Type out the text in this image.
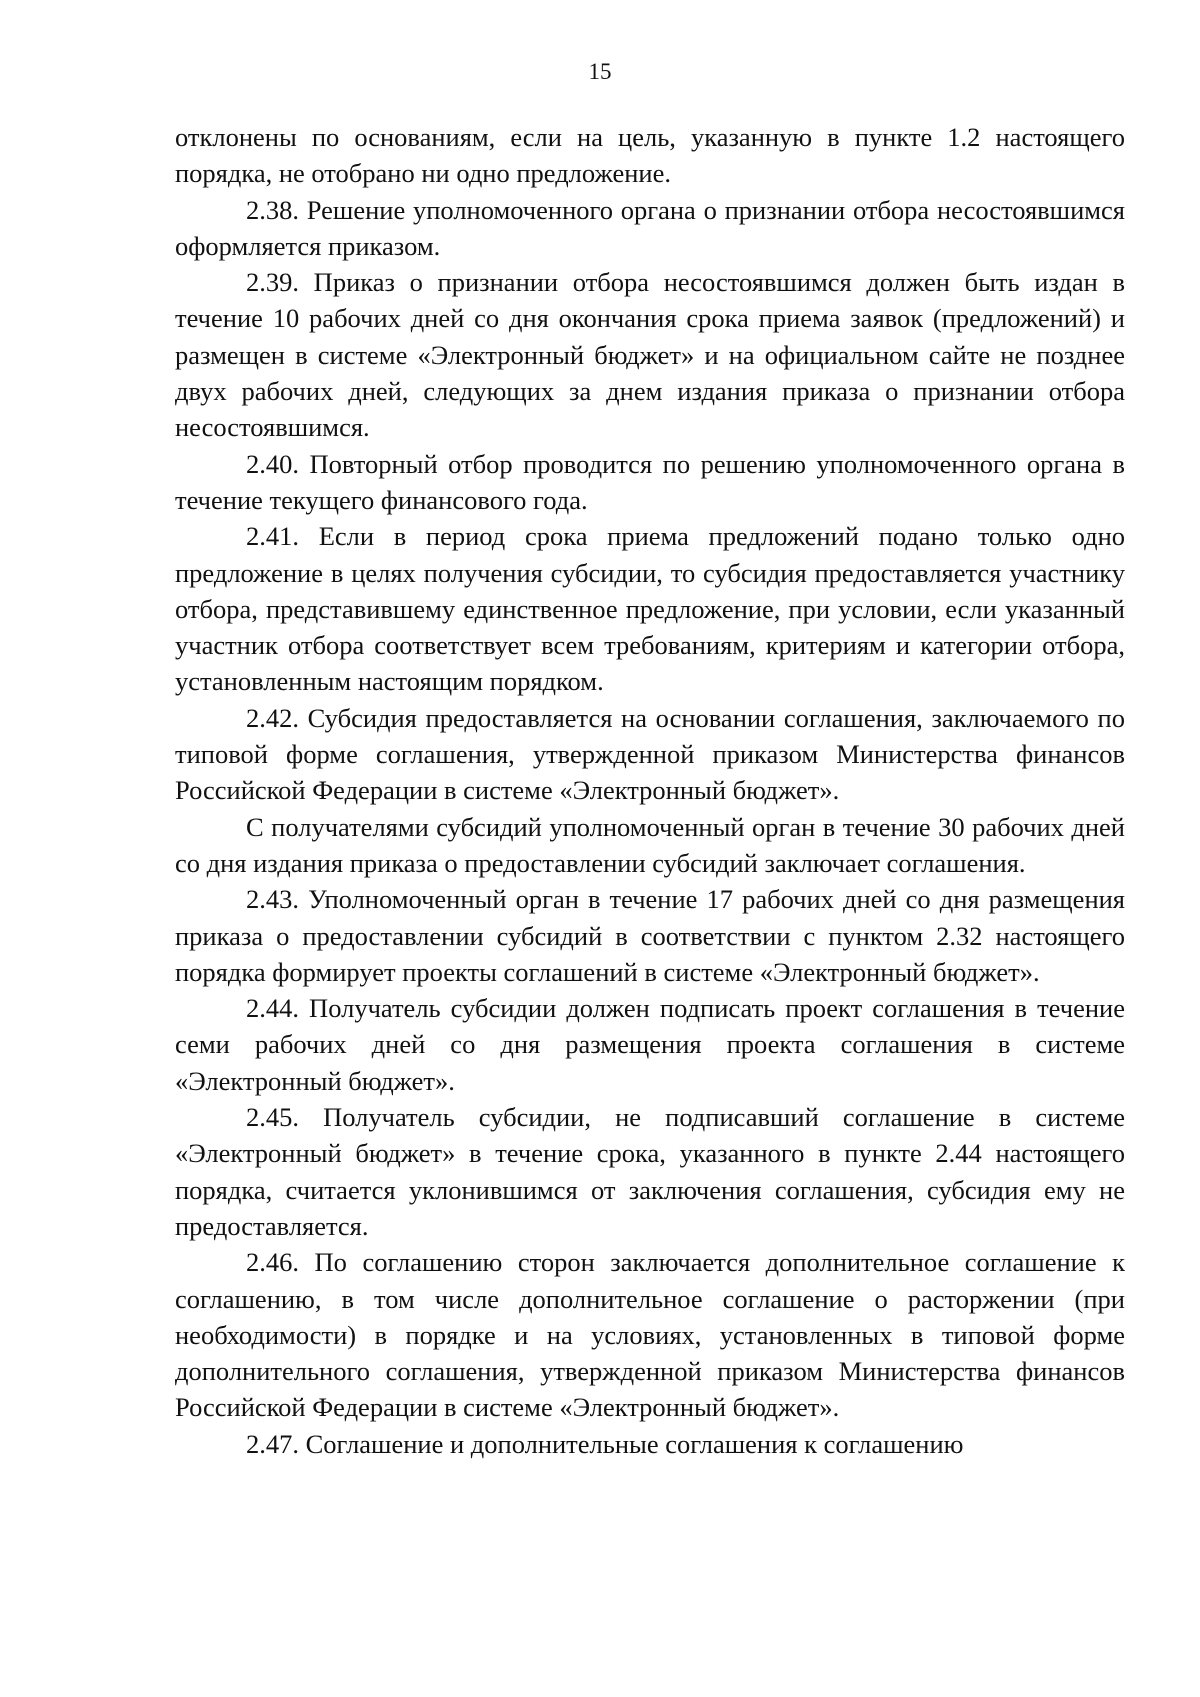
15

отклонены по основаниям, если на цель, указанную в пункте 1.2 настоящего порядка, не отобрано ни одно предложение.

2.38. Решение уполномоченного органа о признании отбора несостоявшимся оформляется приказом.

2.39. Приказ о признании отбора несостоявшимся должен быть издан в течение 10 рабочих дней со дня окончания срока приема заявок (предложений) и размещен в системе «Электронный бюджет» и на официальном сайте не позднее двух рабочих дней, следующих за днем издания приказа о признании отбора несостоявшимся.

2.40. Повторный отбор проводится по решению уполномоченного органа в течение текущего финансового года.

2.41. Если в период срока приема предложений подано только одно предложение в целях получения субсидии, то субсидия предоставляется участнику отбора, представившему единственное предложение, при условии, если указанный участник отбора соответствует всем требованиям, критериям и категории отбора, установленным настоящим порядком.

2.42. Субсидия предоставляется на основании соглашения, заключаемого по типовой форме соглашения, утвержденной приказом Министерства финансов Российской Федерации в системе «Электронный бюджет».

С получателями субсидий уполномоченный орган в течение 30 рабочих дней со дня издания приказа о предоставлении субсидий заключает соглашения.

2.43. Уполномоченный орган в течение 17 рабочих дней со дня размещения приказа о предоставлении субсидий в соответствии с пунктом 2.32 настоящего порядка формирует проекты соглашений в системе «Электронный бюджет».

2.44. Получатель субсидии должен подписать проект соглашения в течение семи рабочих дней со дня размещения проекта соглашения в системе «Электронный бюджет».

2.45. Получатель субсидии, не подписавший соглашение в системе «Электронный бюджет» в течение срока, указанного в пункте 2.44 настоящего порядка, считается уклонившимся от заключения соглашения, субсидия ему не предоставляется.

2.46. По соглашению сторон заключается дополнительное соглашение к соглашению, в том числе дополнительное соглашение о расторжении (при необходимости) в порядке и на условиях, установленных в типовой форме дополнительного соглашения, утвержденной приказом Министерства финансов Российской Федерации в системе «Электронный бюджет».

2.47. Соглашение и дополнительные соглашения к соглашению
